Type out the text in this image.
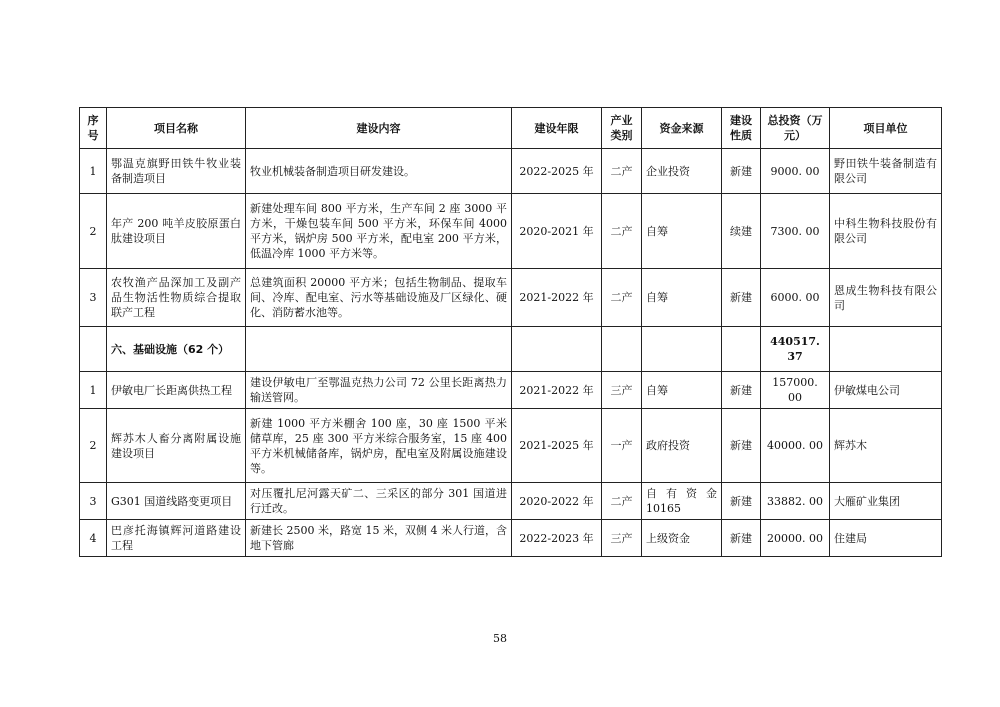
序号	项目名称	建设内容	建设年限	产业类别	资金来源	建设性质	总投资（万元）	项目单位
1	鄂温克旗野田铁牛牧业装备制造项目	牧业机械装备制造项目研发建设。	2022-2025 年	二产	企业投资	新建	9000. 00	野田铁牛装备制造有限公司
2	年产 200 吨羊皮胶原蛋白肽建设项目	新建处理车间 800 平方米，生产车间 2 座 3000 平方米，干燥包装车间 500 平方米，环保车间 4000 平方米，锅炉房 500 平方米，配电室 200 平方米，低温冷库 1000 平方米等。	2020-2021 年	二产	自筹	续建	7300. 00	中科生物科技股份有限公司
3	农牧渔产品深加工及副产品生物活性物质综合提取联产工程	总建筑面积 20000 平方米；包括生物制品、提取车间、冷库、配电室、污水等基础设施及厂区绿化、硬化、消防蓄水池等。	2021-2022 年	二产	自筹	新建	6000. 00	恩成生物科技有限公司
	六、基础设施（62 个）						440517. 37	
1	伊敏电厂长距离供热工程	建设伊敏电厂至鄂温克热力公司 72 公里长距离热力输送管网。	2021-2022 年	三产	自筹	新建	157000. 00	伊敏煤电公司
2	辉苏木人畜分离附属设施建设项目	新建 1000 平方米棚舍 100 座，30 座 1500 平米储草库，25 座 300 平方米综合服务室，15 座 400 平方米机械储备库，锅炉房，配电室及附属设施建设等。	2021-2025 年	一产	政府投资	新建	40000. 00	辉苏木
3	G301 国道线路变更项目	对压覆扎尼河露天矿二、三采区的部分 301 国道进行迁改。	2020-2022 年	二产	自有资金 10165	新建	33882. 00	大雁矿业集团
4	巴彦托海镇辉河道路建设工程	新建长 2500 米，路宽 15 米，双侧 4 米人行道，含地下管廊	2022-2023 年	三产	上级资金	新建	20000. 00	住建局
58
